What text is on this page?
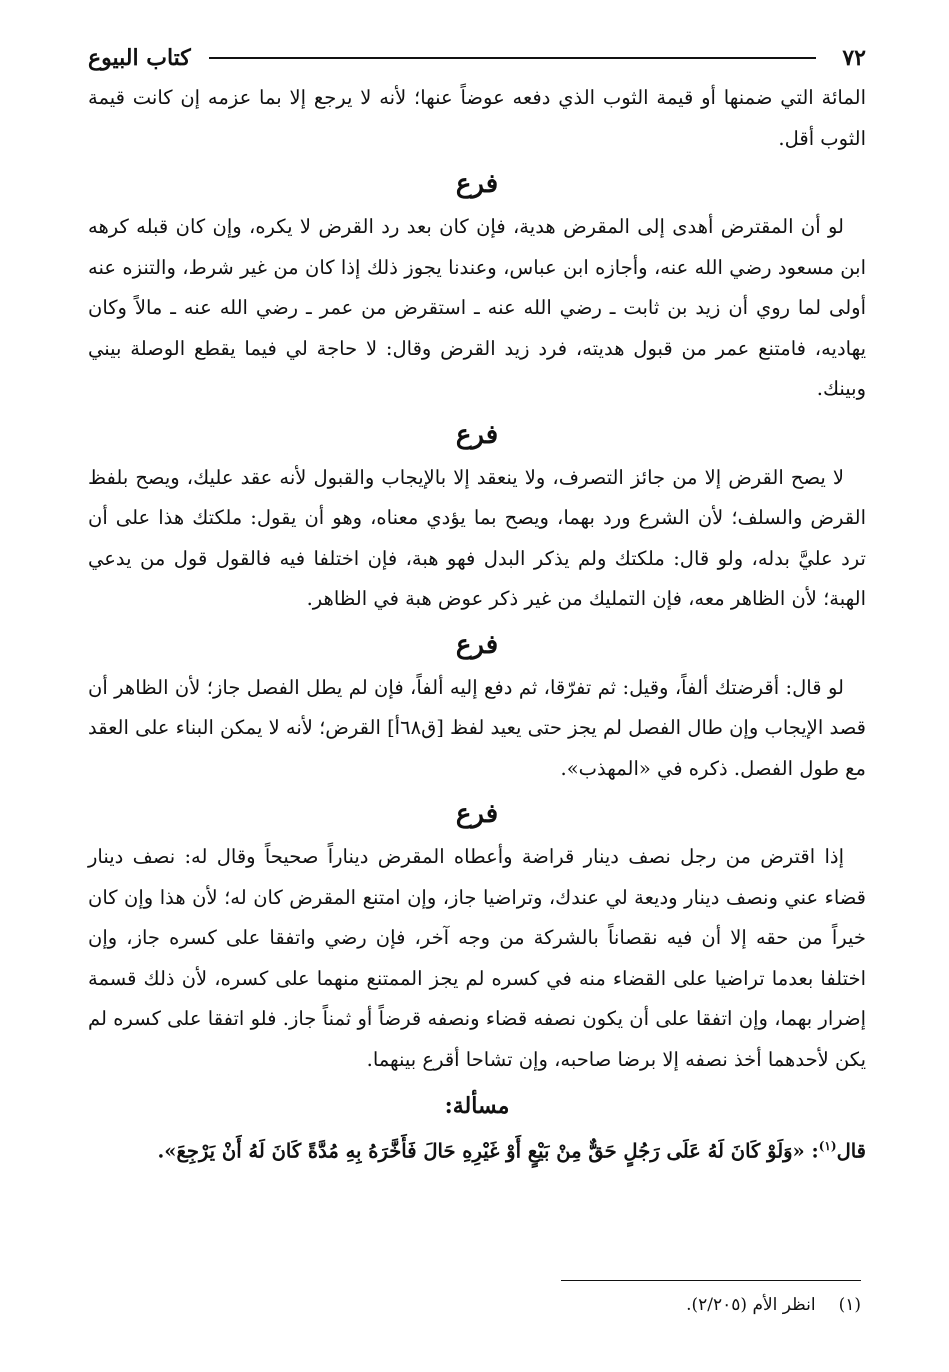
٧٢
كتاب البيوع

المائة التي ضمنها أو قيمة الثوب الذي دفعه عوضاً عنها؛ لأنه لا يرجع إلا بما عزمه إن كانت قيمة الثوب أقل.

فرع

لو أن المقترض أهدى إلى المقرض هدية، فإن كان بعد رد القرض لا يكره، وإن كان قبله كرهه ابن مسعود رضي الله عنه، وأجازه ابن عباس، وعندنا يجوز ذلك إذا كان من غير شرط، والتنزه عنه أولى لما روي أن زيد بن ثابت ـ رضي الله عنه ـ استقرض من عمر ـ رضي الله عنه ـ مالاً وكان يهاديه، فامتنع عمر من قبول هديته، فرد زيد القرض وقال: لا حاجة لي فيما يقطع الوصلة بيني وبينك.

فرع

لا يصح القرض إلا من جائز التصرف، ولا ينعقد إلا بالإيجاب والقبول لأنه عقد عليك، ويصح بلفظ القرض والسلف؛ لأن الشرع ورد بهما، ويصح بما يؤدي معناه، وهو أن يقول: ملكتك هذا على أن ترد عليَّ بدله، ولو قال: ملكتك ولم يذكر البدل فهو هبة، فإن اختلفا فيه فالقول قول من يدعي الهبة؛ لأن الظاهر معه، فإن التمليك من غير ذكر عوض هبة في الظاهر.

فرع

لو قال: أقرضتك ألفاً، وقيل: ثم تفرّقا، ثم دفع إليه ألفاً، فإن لم يطل الفصل جاز؛ لأن الظاهر أن قصد الإيجاب وإن طال الفصل لم يجز حتى يعيد لفظ [ق٦٨أ] القرض؛ لأنه لا يمكن البناء على العقد مع طول الفصل. ذكره في «المهذب».

فرع

إذا اقترض من رجل نصف دينار قراضة وأعطاه المقرض ديناراً صحيحاً وقال له: نصف دينار قضاء عني ونصف دينار وديعة لي عندك، وتراضيا جاز، وإن امتنع المقرض كان له؛ لأن هذا وإن كان خيراً من حقه إلا أن فيه نقصاناً بالشركة من وجه آخر، فإن رضي واتفقا على كسره جاز، وإن اختلفا بعدما تراضيا على القضاء منه في كسره لم يجز الممتنع منهما على كسره، لأن ذلك قسمة إضرار بهما، وإن اتفقا على أن يكون نصفه قضاء ونصفه قرضاً أو ثمناً جاز. فلو اتفقا على كسره لم يكن لأحدهما أخذ نصفه إلا برضا صاحبه، وإن تشاحا أقرع بينهما.

مسألة:
قال$^{(١)}$: «وَلَوْ كَانَ لَهُ عَلَى رَجُلٍ حَقٌّ مِنْ بَيْعٍ أَوْ غَيْرِهِ حَالَ فَأَخَّرَهُ بِهِ مُدَّةً كَانَ لَهُ أَنْ يَرْجِعَ».
(١) انظر الأم (٢/٢٠٥).
